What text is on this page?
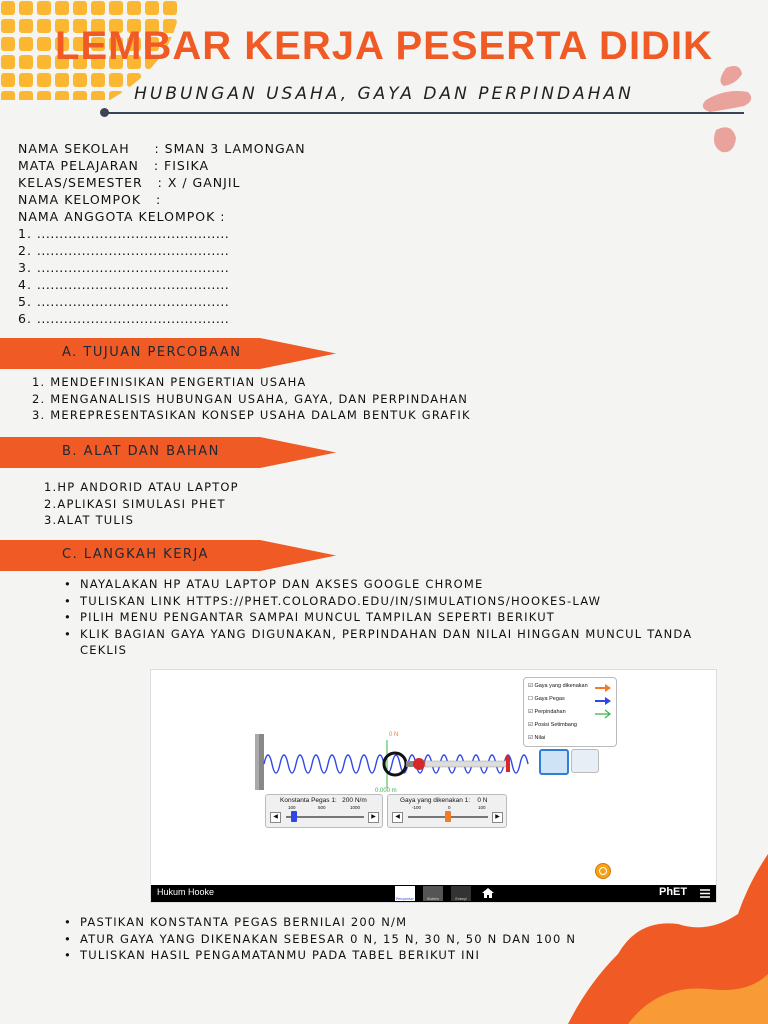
LEMBAR KERJA PESERTA DIDIK
HUBUNGAN USAHA, GAYA DAN PERPINDAHAN
NAMA SEKOLAH     : SMAN 3 LAMONGAN
MATA PELAJARAN   : FISIKA
KELAS/SEMESTER   : X / GANJIL
NAMA KELOMPOK   :
NAMA ANGGOTA KELOMPOK :
1. ...........................................
2. ...........................................
3. ...........................................
4. ...........................................
5. ...........................................
6. ...........................................
A. TUJUAN PERCOBAAN
1. MENDEFINISIKAN PENGERTIAN USAHA
2. MENGANALISIS HUBUNGAN USAHA, GAYA, DAN PERPINDAHAN
3. MEREPRESENTASIKAN KONSEP USAHA DALAM BENTUK GRAFIK
B. ALAT DAN BAHAN
1.HP ANDORID ATAU LAPTOP
2.APLIKASI SIMULASI PHET
3.ALAT TULIS
C. LANGKAH KERJA
• NAYALAKAN HP ATAU LAPTOP DAN AKSES GOOGLE CHROME
• TULISKAN LINK HTTPS://PHET.COLORADO.EDU/IN/SIMULATIONS/HOOKES-LAW
• PILIH MENU PENGANTAR SAMPAI MUNCUL TAMPILAN SEPERTI BERIKUT
• KLIK BAGIAN GAYA YANG DIGUNAKAN, PERPINDAHAN DAN NILAI HINGGAN MUNCUL TANDA CEKLIS
0 N
0.000 m
☑ Gaya yang dikenakan
☐ Gaya Pegas
☑ Perpindahan
☑ Posisi Setimbang
☑ Nilai
Konstanta Pegas 1: 200 N/m
100	500	1000
◀	▶
Gaya yang dikenakan 1: 0 N
-100	0	100
◀	▶
Hukum Hooke
Pengantar	Sistem	Energi
PhET
• PASTIKAN KONSTANTA PEGAS BERNILAI 200 N/M
• ATUR GAYA YANG DIKENAKAN SEBESAR 0 N, 15 N, 30 N, 50 N DAN 100 N
• TULISKAN HASIL PENGAMATANMU PADA TABEL BERIKUT INI
